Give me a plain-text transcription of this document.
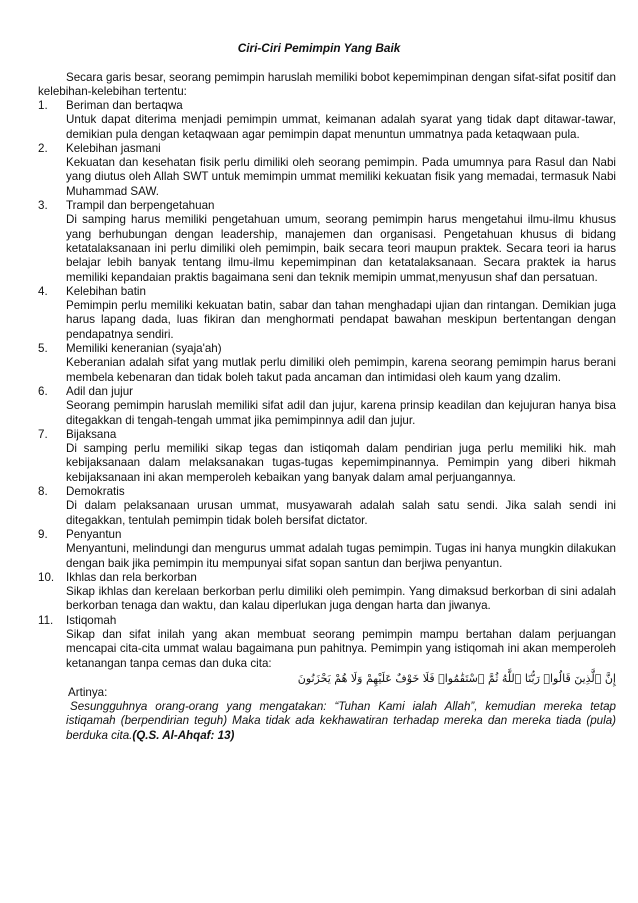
Ciri-Ciri Pemimpin Yang Baik
Secara garis besar, seorang pemimpin haruslah memiliki bobot kepemimpinan dengan sifat-sifat positif dan kelebihan-kelebihan tertentu:
1. Beriman dan bertaqwa
Untuk dapat diterima menjadi pemimpin ummat, keimanan adalah syarat yang tidak dapt ditawar-tawar, demikian pula dengan ketaqwaan agar pemimpin dapat menuntun ummatnya pada ketaqwaan pula.
2. Kelebihan jasmani
Kekuatan dan kesehatan fisik perlu dimiliki oleh seorang pemimpin. Pada umumnya para Rasul dan Nabi yang diutus oleh Allah SWT untuk memimpin ummat memiliki kekuatan fisik yang memadai, termasuk Nabi Muhammad SAW.
3. Trampil dan berpengetahuan
Di samping harus memiliki pengetahuan umum, seorang pemimpin harus mengetahui ilmu-ilmu khusus yang berhubungan dengan leadership, manajemen dan organisasi. Pengetahuan khusus di bidang ketatalaksanaan ini perlu dimiliki oleh pemimpin, baik secara teori maupun praktek. Secara teori ia harus belajar lebih banyak tentang ilmu-ilmu kepemimpinan dan ketatalaksanaan. Secara praktek ia harus memiliki kepandaian praktis bagaimana seni dan teknik memipin ummat,menyusun shaf dan persatuan.
4. Kelebihan batin
Pemimpin perlu memiliki kekuatan batin, sabar dan tahan menghadapi ujian dan rintangan. Demikian juga harus lapang dada, luas fikiran dan menghormati pendapat bawahan meskipun bertentangan dengan pendapatnya sendiri.
5. Memiliki keneranian (syaja'ah)
Keberanian adalah sifat yang mutlak perlu dimiliki oleh pemimpin, karena seorang pemimpin harus berani membela kebenaran dan tidak boleh takut pada ancaman dan intimidasi oleh kaum yang dzalim.
6. Adil dan jujur
Seorang pemimpin haruslah memiliki sifat adil dan jujur, karena prinsip keadilan dan kejujuran hanya bisa ditegakkan di tengah-tengah ummat jika pemimpinnya adil dan jujur.
7. Bijaksana
Di samping perlu memiliki sikap tegas dan istiqomah dalam pendirian juga perlu memiliki hik. mah kebijaksanaan dalam melaksanakan tugas-tugas kepemimpinannya. Pemimpin yang diberi hikmah kebijaksanaan ini akan memperoleh kebaikan yang banyak dalam amal perjuangannya.
8. Demokratis
Di dalam pelaksanaan urusan ummat, musyawarah adalah salah satu sendi. Jika salah sendi ini ditegakkan, tentulah pemimpin tidak boleh bersifat dictator.
9. Penyantun
Menyantuni, melindungi dan mengurus ummat adalah tugas pemimpin. Tugas ini hanya mungkin dilakukan dengan baik jika pemimpin itu mempunyai sifat sopan santun dan berjiwa penyantun.
10. Ikhlas dan rela berkorban
Sikap ikhlas dan kerelaan berkorban perlu dimiliki oleh pemimpin. Yang dimaksud berkorban di sini adalah berkorban tenaga dan waktu, dan kalau diperlukan juga dengan harta dan jiwanya.
11. Istiqomah
Sikap dan sifat inilah yang akan membuat seorang pemimpin mampu bertahan dalam perjuangan mencapai cita-cita ummat walau bagaimana pun pahitnya. Pemimpin yang istiqomah ini akan memperoleh ketanangan tanpa cemas dan duka cita:
إِنَّ ٱلَّذِينَ قَالُوا۟ رَبُّنَا ٱللَّهُ ثُمَّ ٱسْتَقَٰمُوا۟ فَلَا خَوْفٌ عَلَيْهِمْ وَلَا هُمْ يَحْزَنُونَ
Artinya:
Sesungguhnya orang-orang yang mengatakan: “Tuhan Kami ialah Allah”, kemudian mereka tetap istiqamah (berpendirian teguh) Maka tidak ada kekhawatiran terhadap mereka dan mereka tiada (pula) berduka cita.(Q.S. Al-Ahqaf: 13)
